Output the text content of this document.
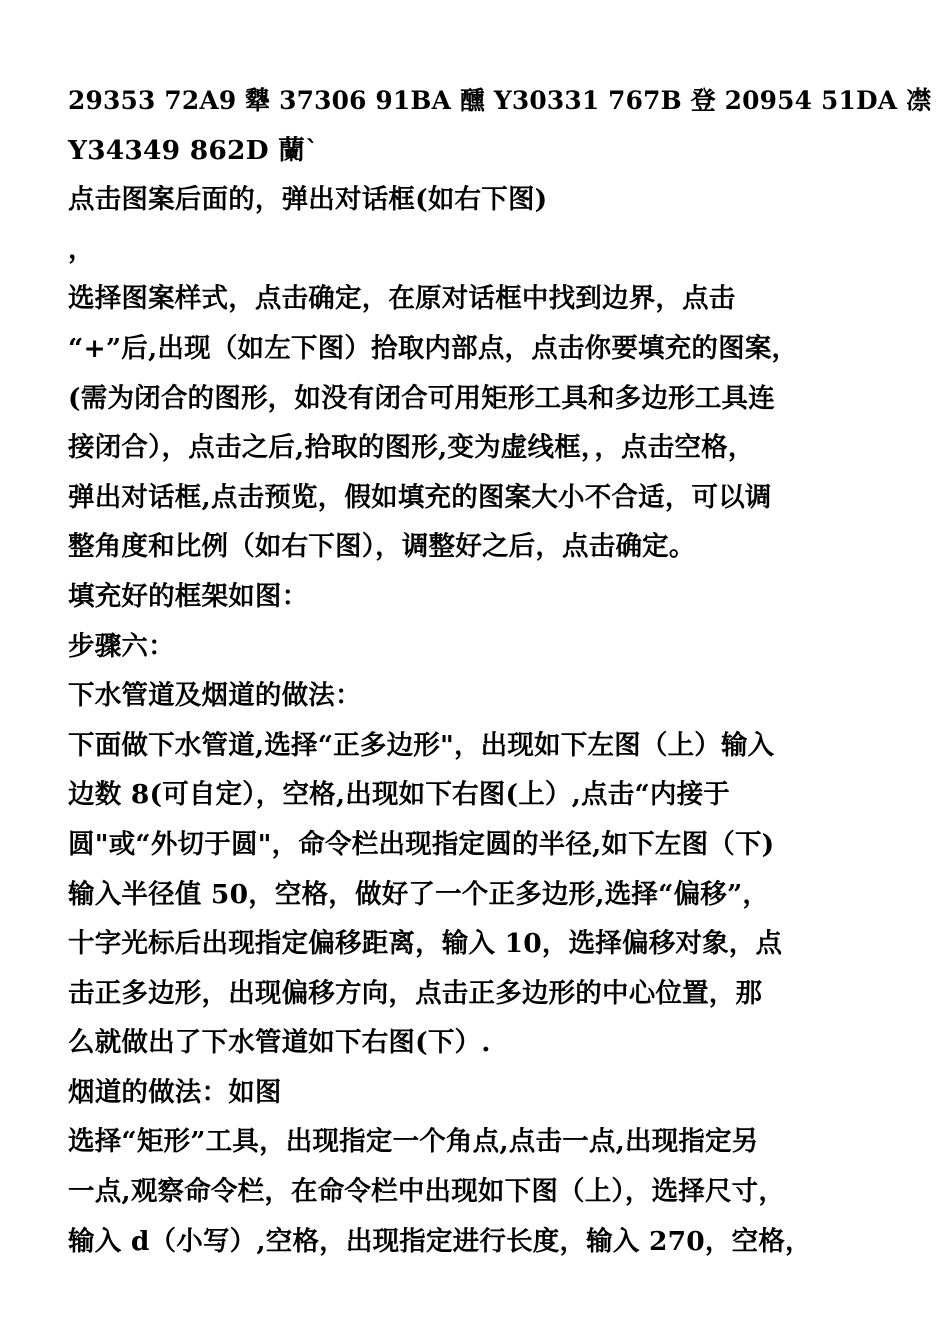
29353 72A9 犩 37306 91BA 醺 Y30331 767B 登 20954 51DA 凚
Y34349 862D 蘭`
点击图案后面的，弹出对话框(如右下图)
，
选择图案样式，点击确定，在原对话框中找到边界，点击
“+”后,出现（如左下图）拾取内部点，点击你要填充的图案，
(需为闭合的图形，如没有闭合可用矩形工具和多边形工具连
接闭合），点击之后,拾取的图形,变为虚线框，，点击空格，
弹出对话框,点击预览，假如填充的图案大小不合适，可以调
整角度和比例（如右下图），调整好之后，点击确定。
填充好的框架如图：
步骤六：
下水管道及烟道的做法：
下面做下水管道,选择“正多边形"，出现如下左图（上）输入
边数 8(可自定），空格,出现如下右图(上）,点击“内接于
圆"或“外切于圆"，命令栏出现指定圆的半径,如下左图（下)
输入半径值 50，空格，做好了一个正多边形,选择“偏移”，
十字光标后出现指定偏移距离，输入 10，选择偏移对象，点
击正多边形，出现偏移方向，点击正多边形的中心位置，那
么就做出了下水管道如下右图(下）.
烟道的做法：如图
选择“矩形”工具，出现指定一个角点,点击一点,出现指定另
一点,观察命令栏，在命令栏中出现如下图（上），选择尺寸，
输入 d（小写）,空格，出现指定进行长度，输入 270，空格，
